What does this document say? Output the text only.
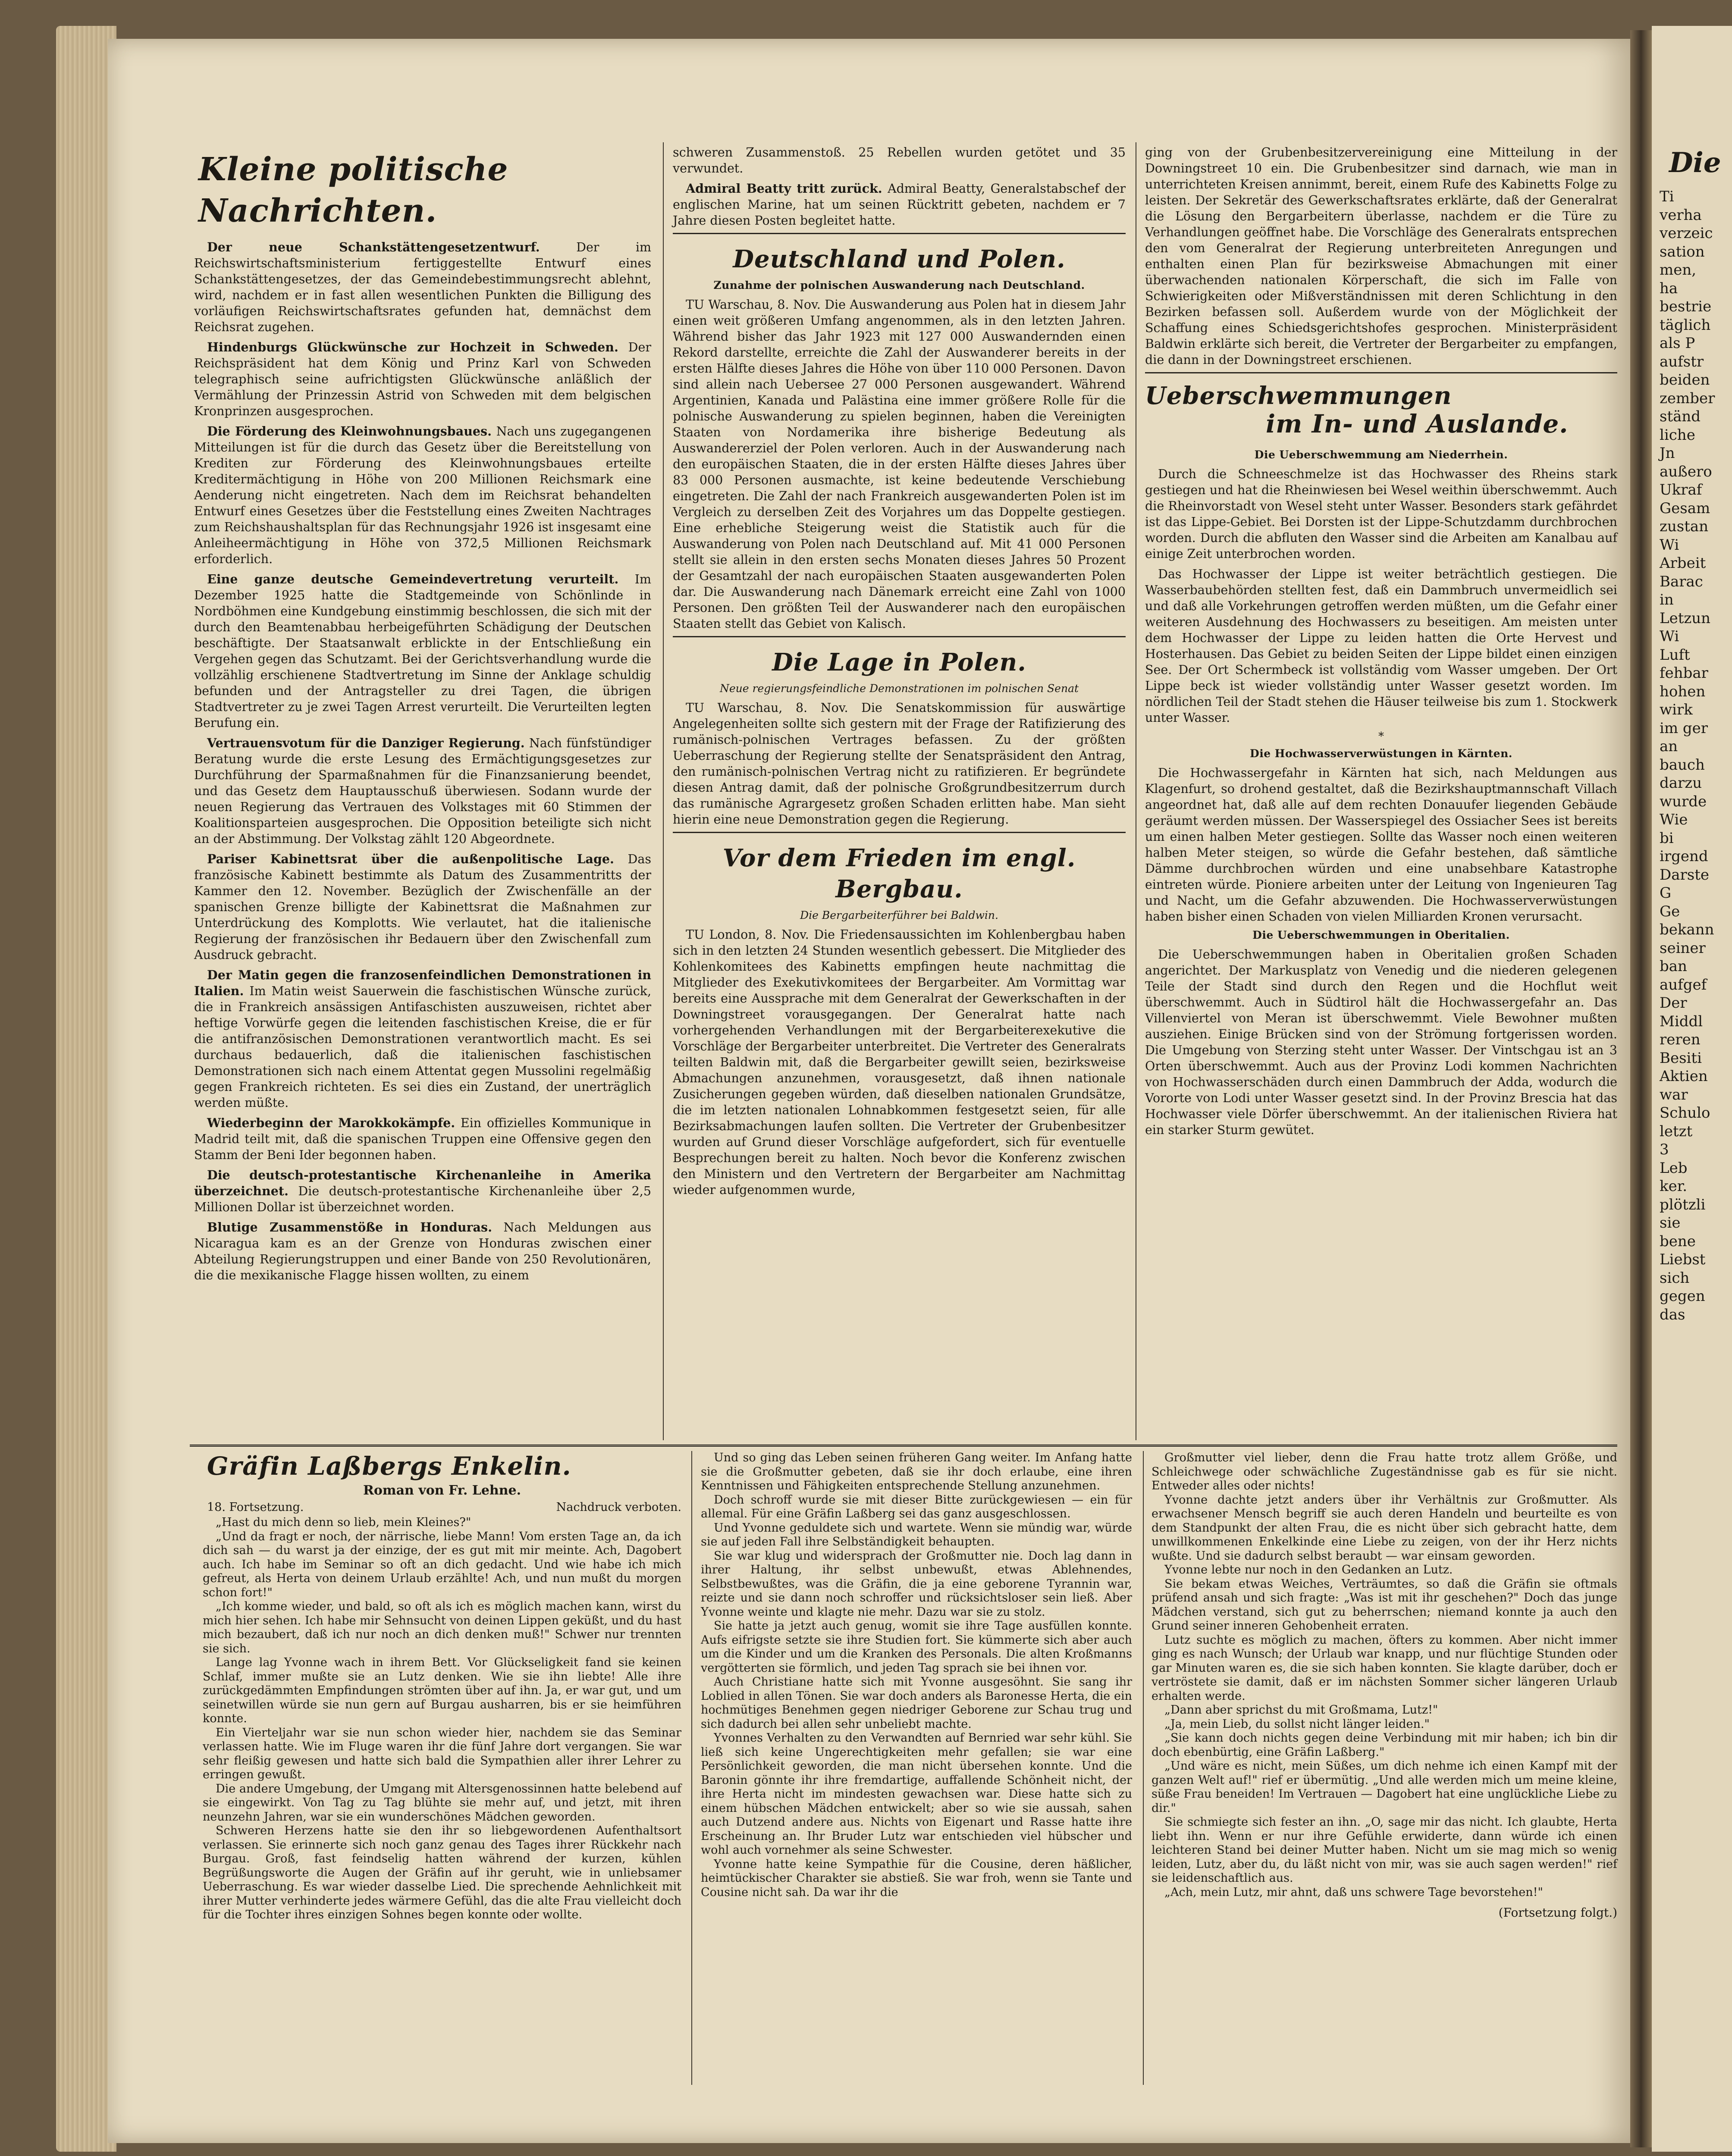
Die
Ti
verha
verzeic
sation
men,
ha
bestrie
täglich
als P
aufstr
beiden
zember
ständ
liche
Jn
außero
Ukraf
Gesam
zustan
Wi
Arbeit
Barac
in
Letzun
Wi
Luft
fehbar
hohen
wirk
im ger
an
bauch
darzu
wurde
Wie
bi
irgend
Darste
G
Ge
bekann
seiner
ban
aufgef
Der
Middl
reren
Besiti
Aktien
war
Schulo
letzt
3
Leb
ker.
plötzli
sie
bene
Liebst
sich
gegen
das
Kleine politische Nachrichten.

Der neue Schankstättengesetzentwurf.	Der im Reichswirtschaftsministerium fertiggestellte Entwurf eines Schankstättengesetzes, der das Gemeindebestimmungsrecht ablehnt, wird, nachdem er in fast allen wesentlichen Punkten die Billigung des vorläufigen Reichswirtschaftsrates gefunden hat, demnächst dem Reichsrat zugehen.

Hindenburgs Glückwünsche zur Hochzeit in Schweden. Der Reichspräsident hat dem König und Prinz Karl von Schweden telegraphisch seine aufrichtigsten Glückwünsche anläßlich der Vermählung der Prinzessin Astrid von Schweden mit dem belgischen Kronprinzen ausgesprochen.

Die Förderung des Kleinwohnungsbaues. Nach uns zugegangenen Mitteilungen ist für die durch das Gesetz über die Bereitstellung von Krediten zur Förderung des Kleinwohnungsbaues erteilte Kreditermächtigung in Höhe von 200 Millionen Reichsmark eine Aenderung nicht eingetreten. Nach dem im Reichsrat behandelten Entwurf eines Gesetzes über die Feststellung eines Zweiten Nachtrages zum Reichshaushaltsplan für das Rechnungsjahr 1926 ist insgesamt eine Anleiheermächtigung in Höhe von 372,5 Millionen Reichsmark erforderlich.

Eine ganze deutsche Gemeindevertretung verurteilt. Im Dezember 1925 hatte die Stadtgemeinde von Schönlinde in Nordböhmen eine Kundgebung einstimmig beschlossen, die sich mit der durch den Beamtenabbau herbeigeführten Schädigung der Deutschen beschäftigte. Der Staatsanwalt erblickte in der Entschließung ein Vergehen gegen das Schutzamt. Bei der Gerichtsverhandlung wurde die vollzählig erschienene Stadtvertretung im Sinne der Anklage schuldig befunden und der Antragsteller zu drei Tagen, die übrigen Stadtvertreter zu je zwei Tagen Arrest verurteilt. Die Verurteilten legten Berufung ein.

Vertrauensvotum für die Danziger Regierung. Nach fünfstündiger Beratung wurde die erste Lesung des Ermächtigungsgesetzes zur Durchführung der Sparmaßnahmen für die Finanzsanierung beendet, und das Gesetz dem Hauptausschuß überwiesen. Sodann wurde der neuen Regierung das Vertrauen des Volkstages mit 60 Stimmen der Koalitionsparteien ausgesprochen. Die Opposition beteiligte sich nicht an der Abstimmung. Der Volkstag zählt 120 Abgeordnete.

Pariser Kabinettsrat über die außenpolitische Lage. Das französische Kabinett bestimmte als Datum des Zusammentritts der Kammer den 12. November. Bezüglich der Zwischenfälle an der spanischen Grenze billigte der Kabinettsrat die Maßnahmen zur Unterdrückung des Komplotts. Wie verlautet, hat die italienische Regierung der französischen ihr Bedauern über den Zwischenfall zum Ausdruck gebracht.

Der Matin gegen die franzosenfeindlichen Demonstrationen in Italien. Im Matin weist Sauerwein die faschistischen Wünsche zurück, die in Frankreich ansässigen Antifaschisten auszuweisen, richtet aber heftige Vorwürfe gegen die leitenden faschistischen Kreise, die er für die antifranzösischen Demonstrationen verantwortlich macht. Es sei durchaus bedauerlich, daß die italienischen faschistischen Demonstrationen sich nach einem Attentat gegen Mussolini regelmäßig gegen Frankreich richteten. Es sei dies ein Zustand, der unerträglich werden müßte.

Wiederbeginn der Marokkokämpfe. Ein offizielles Kommunique in Madrid teilt mit, daß die spanischen Truppen eine Offensive gegen den Stamm der Beni Ider begonnen haben.

Die deutsch-protestantische Kirchenanleihe in Amerika überzeichnet. Die deutsch-protestantische Kirchenanleihe über 2,5 Millionen Dollar ist überzeichnet worden.

Blutige Zusammenstöße in Honduras. Nach Meldungen aus Nicaragua kam es an der Grenze von Honduras zwischen einer Abteilung Regierungstruppen und einer Bande von 250 Revolutionären, die die mexikanische Flagge hissen wollten, zu einem

schweren Zusammenstoß. 25 Rebellen wurden getötet und 35 verwundet.

Admiral Beatty tritt zurück. Admiral Beatty, Generalstabschef der englischen Marine, hat um seinen Rücktritt gebeten, nachdem er 7 Jahre diesen Posten begleitet hatte.

Deutschland und Polen.
Zunahme der polnischen Auswanderung nach Deutschland.

TU Warschau, 8. Nov. Die Auswanderung aus Polen hat in diesem Jahr einen weit größeren Umfang angenommen, als in den letzten Jahren. Während bisher das Jahr 1923 mit 127 000 Auswandernden einen Rekord darstellte, erreichte die Zahl der Auswanderer bereits in der ersten Hälfte dieses Jahres die Höhe von über 110 000 Personen. Davon sind allein nach Uebersee 27 000 Personen ausgewandert. Während Argentinien, Kanada und Palästina eine immer größere Rolle für die polnische Auswanderung zu spielen beginnen, haben die Vereinigten Staaten von Nordamerika ihre bisherige Bedeutung als Auswandererziel der Polen verloren. Auch in der Auswanderung nach den europäischen Staaten, die in der ersten Hälfte dieses Jahres über 83 000 Personen ausmachte, ist keine bedeutende Verschiebung eingetreten. Die Zahl der nach Frankreich ausgewanderten Polen ist im Vergleich zu derselben Zeit des Vorjahres um das Doppelte gestiegen. Eine erhebliche Steigerung weist die Statistik auch für die Auswanderung von Polen nach Deutschland auf. Mit 41 000 Personen stellt sie allein in den ersten sechs Monaten dieses Jahres 50 Prozent der Gesamtzahl der nach europäischen Staaten ausgewanderten Polen dar. Die Auswanderung nach Dänemark erreicht eine Zahl von 1000 Personen. Den größten Teil der Auswanderer nach den europäischen Staaten stellt das Gebiet von Kalisch.

Die Lage in Polen.
Neue regierungsfeindliche Demonstrationen im polnischen Senat

TU Warschau, 8. Nov. Die Senatskommission für auswärtige Angelegenheiten sollte sich gestern mit der Frage der Ratifizierung des rumänisch-polnischen Vertrages befassen. Zu der größten Ueberraschung der Regierung stellte der Senatspräsident den Antrag, den rumänisch-polnischen Vertrag nicht zu ratifizieren. Er begründete diesen Antrag damit, daß der polnische Großgrundbesitzerrum durch das rumänische Agrargesetz großen Schaden erlitten habe. Man sieht hierin eine neue Demonstration gegen die Regierung.

Vor dem Frieden im engl. Bergbau.
Die Bergarbeiterführer bei Baldwin.

TU London, 8. Nov. Die Friedensaussichten im Kohlenbergbau haben sich in den letzten 24 Stunden wesentlich gebessert. Die Mitglieder des Kohlenkomitees des Kabinetts empfingen heute nachmittag die Mitglieder des Exekutivkomitees der Bergarbeiter. Am Vormittag war bereits eine Aussprache mit dem Generalrat der Gewerkschaften in der Downingstreet vorausgegangen. Der Generalrat hatte nach vorhergehenden Verhandlungen mit der Bergarbeiterexekutive die Vorschläge der Bergarbeiter unterbreitet. Die Vertreter des Generalrats teilten Baldwin mit, daß die Bergarbeiter gewillt seien, bezirksweise Abmachungen anzunehmen, vorausgesetzt, daß ihnen nationale Zusicherungen gegeben würden, daß dieselben nationalen Grundsätze, die im letzten nationalen Lohnabkommen festgesetzt seien, für alle Bezirksabmachungen laufen sollten. Die Vertreter der Grubenbesitzer wurden auf Grund dieser Vorschläge aufgefordert, sich für eventuelle Besprechungen bereit zu halten. Noch bevor die Konferenz zwischen den Ministern und den Vertretern der Bergarbeiter am Nachmittag wieder aufgenommen wurde,

ging von der Grubenbesitzervereinigung eine Mitteilung in der Downingstreet 10 ein. Die Grubenbesitzer sind darnach, wie man in unterrichteten Kreisen annimmt, bereit, einem Rufe des Kabinetts Folge zu leisten. Der Sekretär des Gewerkschaftsrates erklärte, daß der Generalrat die Lösung den Bergarbeitern überlasse, nachdem er die Türe zu Verhandlungen geöffnet habe. Die Vorschläge des Generalrats entsprechen den vom Generalrat der Regierung unterbreiteten Anregungen und enthalten einen Plan für bezirksweise Abmachungen mit einer überwachenden nationalen Körperschaft, die sich im Falle von Schwierigkeiten oder Mißverständnissen mit deren Schlichtung in den Bezirken befassen soll. Außerdem wurde von der Möglichkeit der Schaffung eines Schiedsgerichtshofes gesprochen. Ministerpräsident Baldwin erklärte sich bereit, die Vertreter der Bergarbeiter zu empfangen, die dann in der Downingstreet erschienen.

Ueberschwemmungen
im In- und Auslande.
Die Ueberschwemmung am Niederrhein.

Durch die Schneeschmelze ist das Hochwasser des Rheins stark gestiegen und hat die Rheinwiesen bei Wesel weithin überschwemmt. Auch die Rheinvorstadt von Wesel steht unter Wasser. Besonders stark gefährdet ist das Lippe-Gebiet. Bei Dorsten ist der Lippe-Schutzdamm durchbrochen worden. Durch die abfluten den Wasser sind die Arbeiten am Kanalbau auf einige Zeit unterbrochen worden.

Das Hochwasser der Lippe ist weiter beträchtlich gestiegen. Die Wasserbaubehörden stellten fest, daß ein Dammbruch unvermeidlich sei und daß alle Vorkehrungen getroffen werden müßten, um die Gefahr einer weiteren Ausdehnung des Hochwassers zu beseitigen. Am meisten unter dem Hochwasser der Lippe zu leiden hatten die Orte Hervest und Hosterhausen. Das Gebiet zu beiden Seiten der Lippe bildet einen einzigen See. Der Ort Schermbeck ist vollständig vom Wasser umgeben. Der Ort Lippe beck ist wieder vollständig unter Wasser gesetzt worden. Im nördlichen Teil der Stadt stehen die Häuser teilweise bis zum 1. Stockwerk unter Wasser.

*
Die Hochwasserverwüstungen in Kärnten.

Die Hochwassergefahr in Kärnten hat sich, nach Meldungen aus Klagenfurt, so drohend gestaltet, daß die Bezirkshauptmannschaft Villach angeordnet hat, daß alle auf dem rechten Donauufer liegenden Gebäude geräumt werden müssen. Der Wasserspiegel des Ossiacher Sees ist bereits um einen halben Meter gestiegen. Sollte das Wasser noch einen weiteren halben Meter steigen, so würde die Gefahr bestehen, daß sämtliche Dämme durchbrochen würden und eine unabsehbare Katastrophe eintreten würde. Pioniere arbeiten unter der Leitung von Ingenieuren Tag und Nacht, um die Gefahr abzuwenden. Die Hochwasserverwüstungen haben bisher einen Schaden von vielen Milliarden Kronen verursacht.

Die Ueberschwemmungen in Oberitalien.

Die Ueberschwemmungen haben in Oberitalien großen Schaden angerichtet. Der Markusplatz von Venedig und die niederen gelegenen Teile der Stadt sind durch den Regen und die Hochflut weit überschwemmt. Auch in Südtirol hält die Hochwassergefahr an. Das Villenviertel von Meran ist überschwemmt. Viele Bewohner mußten ausziehen. Einige Brücken sind von der Strömung fortgerissen worden. Die Umgebung von Sterzing steht unter Wasser. Der Vintschgau ist an 3 Orten überschwemmt. Auch aus der Provinz Lodi kommen Nachrichten von Hochwasserschäden durch einen Dammbruch der Adda, wodurch die Vororte von Lodi unter Wasser gesetzt sind. In der Provinz Brescia hat das Hochwasser viele Dörfer überschwemmt. An der italienischen Riviera hat ein starker Sturm gewütet.

Gräfin Laßbergs Enkelin.
Roman von Fr. Lehne.
18. Fortsetzung.	Nachdruck verboten.

„Hast du mich denn so lieb, mein Kleines?"

„Und da fragt er noch, der närrische, liebe Mann! Vom ersten Tage an, da ich dich sah — du warst ja der einzige, der es gut mit mir meinte. Ach, Dagobert auch. Ich habe im Seminar so oft an dich gedacht. Und wie habe ich mich gefreut, als Herta von deinem Urlaub erzählte! Ach, und nun mußt du morgen schon fort!"

„Ich komme wieder, und bald, so oft als ich es möglich machen kann, wirst du mich hier sehen. Ich habe mir Sehnsucht von deinen Lippen geküßt, und du hast mich bezaubert, daß ich nur noch an dich denken muß!" Schwer nur trennten sie sich.

Lange lag Yvonne wach in ihrem Bett. Vor Glückseligkeit fand sie keinen Schlaf, immer mußte sie an Lutz denken. Wie sie ihn liebte! Alle ihre zurückgedämmten Empfindungen strömten über auf ihn. Ja, er war gut, und um seinetwillen würde sie nun gern auf Burgau ausharren, bis er sie heimführen konnte.

Ein Vierteljahr war sie nun schon wieder hier, nachdem sie das Seminar verlassen hatte. Wie im Fluge waren ihr die fünf Jahre dort vergangen. Sie war sehr fleißig gewesen und hatte sich bald die Sympathien aller ihrer Lehrer zu erringen gewußt.

Die andere Umgebung, der Umgang mit Altersgenossinnen hatte belebend auf sie eingewirkt. Von Tag zu Tag blühte sie mehr auf, und jetzt, mit ihren neunzehn Jahren, war sie ein wunderschönes Mädchen geworden.

Schweren Herzens hatte sie den ihr so liebgewordenen Aufenthaltsort verlassen. Sie erinnerte sich noch ganz genau des Tages ihrer Rückkehr nach Burgau. Groß, fast feindselig hatten während der kurzen, kühlen Begrüßungsworte die Augen der Gräfin auf ihr geruht, wie in unliebsamer Ueberraschung. Es war wieder dasselbe Lied. Die sprechende Aehnlichkeit mit ihrer Mutter verhinderte jedes wärmere Gefühl, das die alte Frau vielleicht doch für die Tochter ihres einzigen Sohnes begen konnte oder wollte.

Und so ging das Leben seinen früheren Gang weiter. Im Anfang hatte sie die Großmutter gebeten, daß sie ihr doch erlaube, eine ihren Kenntnissen und Fähigkeiten entsprechende Stellung anzunehmen.

Doch schroff wurde sie mit dieser Bitte zurückgewiesen — ein für allemal. Für eine Gräfin Laßberg sei das ganz ausgeschlossen.

Und Yvonne geduldete sich und wartete. Wenn sie mündig war, würde sie auf jeden Fall ihre Selbständigkeit behaupten.

Sie war klug und widersprach der Großmutter nie. Doch lag dann in ihrer Haltung, ihr selbst unbewußt, etwas Ablehnendes, Selbstbewußtes, was die Gräfin, die ja eine geborene Tyrannin war, reizte und sie dann noch schroffer und rücksichtsloser sein ließ. Aber Yvonne weinte und klagte nie mehr. Dazu war sie zu stolz.

Sie hatte ja jetzt auch genug, womit sie ihre Tage ausfüllen konnte. Aufs eifrigste setzte sie ihre Studien fort. Sie kümmerte sich aber auch um die Kinder und um die Kranken des Personals. Die alten Kroßmanns vergötterten sie förmlich, und jeden Tag sprach sie bei ihnen vor.

Auch Christiane hatte sich mit Yvonne ausgesöhnt. Sie sang ihr Loblied in allen Tönen. Sie war doch anders als Baronesse Herta, die ein hochmütiges Benehmen gegen niedriger Geborene zur Schau trug und sich dadurch bei allen sehr unbeliebt machte.

Yvonnes Verhalten zu den Verwandten auf Bernried war sehr kühl. Sie ließ sich keine Ungerechtigkeiten mehr gefallen; sie war eine Persönlichkeit geworden, die man nicht übersehen konnte. Und die Baronin gönnte ihr ihre fremdartige, auffallende Schönheit nicht, der ihre Herta nicht im mindesten gewachsen war. Diese hatte sich zu einem hübschen Mädchen entwickelt; aber so wie sie aussah, sahen auch Dutzend andere aus. Nichts von Eigenart und Rasse hatte ihre Erscheinung an. Ihr Bruder Lutz war entschieden viel hübscher und wohl auch vornehmer als seine Schwester.

Yvonne hatte keine Sympathie für die Cousine, deren häßlicher, heimtückischer Charakter sie abstieß. Sie war froh, wenn sie Tante und Cousine nicht sah. Da war ihr die

Großmutter viel lieber, denn die Frau hatte trotz allem Größe, und Schleichwege oder schwächliche Zugeständnisse gab es für sie nicht. Entweder alles oder nichts!

Yvonne dachte jetzt anders über ihr Verhältnis zur Großmutter. Als erwachsener Mensch begriff sie auch deren Handeln und beurteilte es von dem Standpunkt der alten Frau, die es nicht über sich gebracht hatte, dem unwillkommenen Enkelkinde eine Liebe zu zeigen, von der ihr Herz nichts wußte. Und sie dadurch selbst beraubt — war einsam geworden.

Yvonne lebte nur noch in den Gedanken an Lutz.

Sie bekam etwas Weiches, Verträumtes, so daß die Gräfin sie oftmals prüfend ansah und sich fragte: „Was ist mit ihr geschehen?" Doch das junge Mädchen verstand, sich gut zu beherrschen; niemand konnte ja auch den Grund seiner inneren Gehobenheit erraten.

Lutz suchte es möglich zu machen, öfters zu kommen. Aber nicht immer ging es nach Wunsch; der Urlaub war knapp, und nur flüchtige Stunden oder gar Minuten waren es, die sie sich haben konnten. Sie klagte darüber, doch er vertröstete sie damit, daß er im nächsten Sommer sicher längeren Urlaub erhalten werde.

„Dann aber sprichst du mit Großmama, Lutz!"

„Ja, mein Lieb, du sollst nicht länger leiden."

„Sie kann doch nichts gegen deine Verbindung mit mir haben; ich bin dir doch ebenbürtig, eine Gräfin Laßberg."

„Und wäre es nicht, mein Süßes, um dich nehme ich einen Kampf mit der ganzen Welt auf!" rief er übermütig. „Und alle werden mich um meine kleine, süße Frau beneiden! Im Vertrauen — Dagobert hat eine unglückliche Liebe zu dir."

Sie schmiegte sich fester an ihn. „O, sage mir das nicht. Ich glaubte, Herta liebt ihn. Wenn er nur ihre Gefühle erwiderte, dann würde ich einen leichteren Stand bei deiner Mutter haben. Nicht um sie mag mich so wenig leiden, Lutz, aber du, du läßt nicht von mir, was sie auch sagen werden!" rief sie leidenschaftlich aus.

„Ach, mein Lutz, mir ahnt, daß uns schwere Tage bevorstehen!"

(Fortsetzung folgt.)
